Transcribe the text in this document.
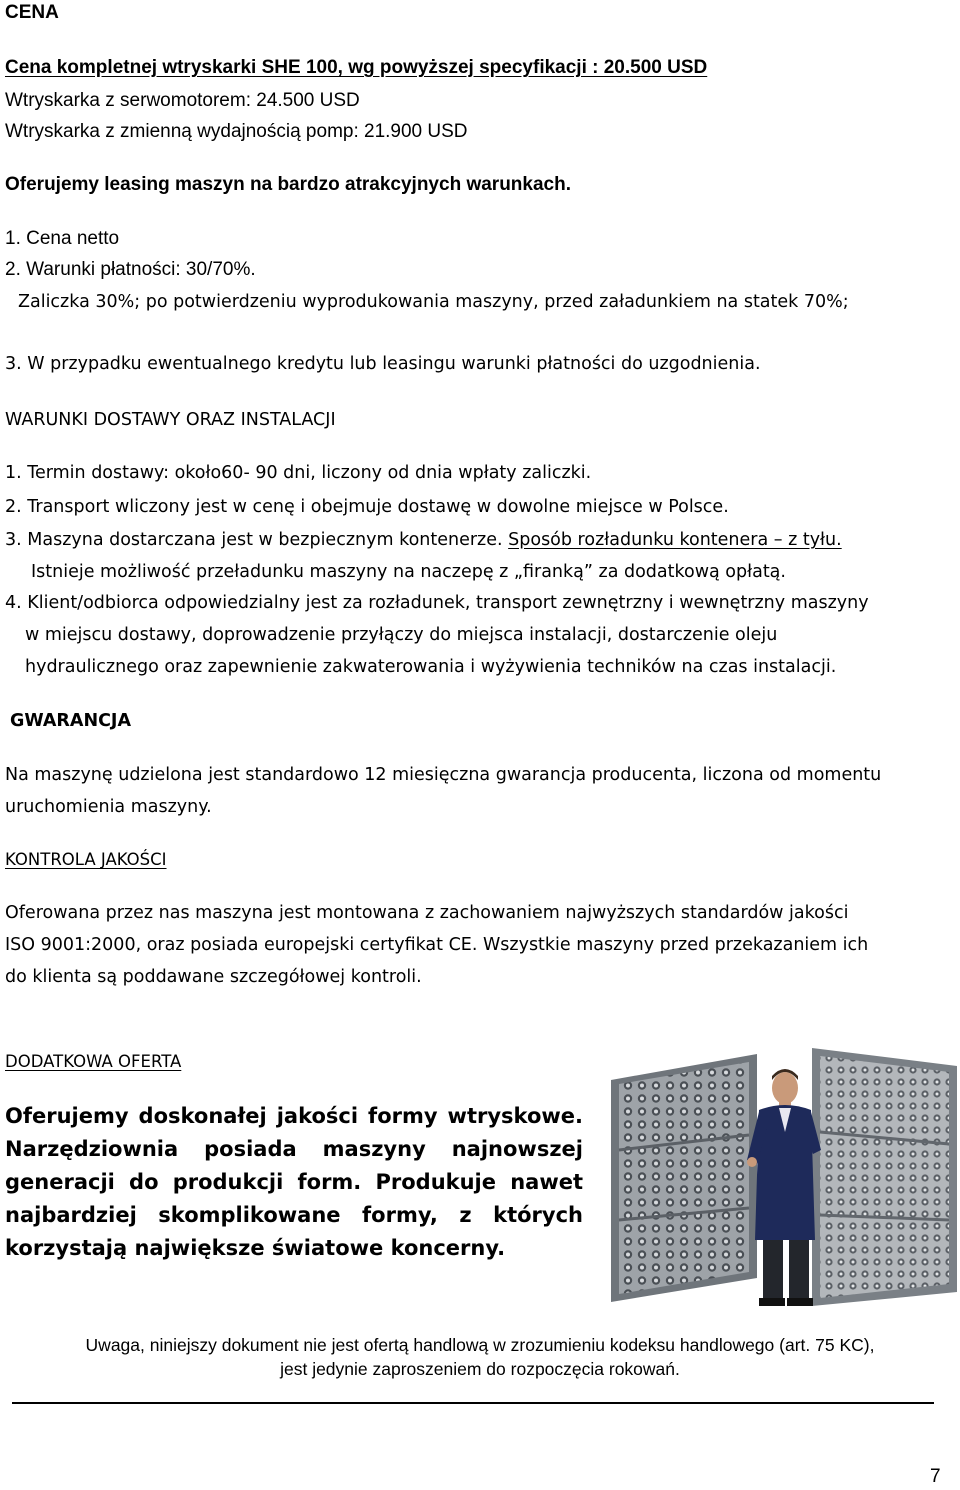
CENA
Cena kompletnej wtryskarki SHE 100, wg powyższej specyfikacji : 20.500 USD
Wtryskarka z serwomotorem: 24.500 USD
Wtryskarka z zmienną wydajnością pomp: 21.900 USD
Oferujemy leasing maszyn na bardzo atrakcyjnych warunkach.
1. Cena netto
2. Warunki płatności: 30/70%.
Zaliczka 30%; po potwierdzeniu wyprodukowania maszyny, przed załadunkiem na statek 70%;
3. W przypadku ewentualnego kredytu lub leasingu warunki płatności do uzgodnienia.
WARUNKI DOSTAWY ORAZ INSTALACJI
1. Termin dostawy: około60- 90 dni, liczony od dnia wpłaty zaliczki.
2. Transport wliczony jest w cenę i obejmuje dostawę w dowolne miejsce w Polsce.
3. Maszyna dostarczana jest w bezpiecznym kontenerze. Sposób rozładunku kontenera – z tyłu.
Istnieje możliwość przeładunku maszyny na naczepę z „firanką” za dodatkową opłatą.
4. Klient/odbiorca odpowiedzialny jest za rozładunek, transport zewnętrzny i wewnętrzny maszyny
w miejscu dostawy, doprowadzenie przyłączy do miejsca instalacji, dostarczenie oleju
hydraulicznego oraz zapewnienie zakwaterowania i wyżywienia techników na czas instalacji.
GWARANCJA
Na maszynę udzielona jest standardowo 12 miesięczna gwarancja producenta, liczona od momentu
uruchomienia maszyny.
KONTROLA JAKOŚCI
Oferowana przez nas maszyna jest montowana z zachowaniem najwyższych standardów jakości
ISO 9001:2000, oraz posiada europejski certyfikat CE. Wszystkie maszyny przed przekazaniem ich
do klienta są poddawane szczegółowej kontroli.
DODATKOWA OFERTA
Oferujemy doskonałej jakości formy wtryskowe. Narzędziownia posiada maszyny najnowszej generacji do produkcji form. Produkuje nawet najbardziej skomplikowane formy, z których korzystają największe światowe koncerny.
Uwaga, niniejszy dokument nie jest ofertą handlową w zrozumieniu kodeksu handlowego (art. 75 KC),
jest jedynie zaproszeniem do rozpoczęcia rokowań.
7
